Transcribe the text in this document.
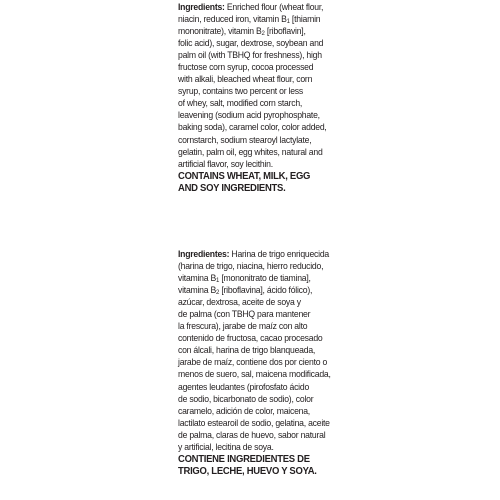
Ingredients: Enriched flour (wheat flour,
niacin, reduced iron, vitamin $B_1$ [thiamin
mononitrate), vitamin $B_2$ [riboflavin],
folic acid), sugar, dextrose, soybean and
palm oil (with TBHQ for freshness), high
fructose corn syrup, cocoa processed
with alkali, bleached wheat flour, corn
syrup, contains two percent or less
of whey, salt, modified corn starch,
leavening (sodium acid pyrophosphate,
baking soda), caramel color, color added,
cornstarch, sodium stearoyl lactylate,
gelatin, palm oil, egg whites, natural and
artificial flavor, soy lecithin.

CONTAINS WHEAT, MILK, EGG
AND SOY INGREDIENTS.

Ingredientes: Harina de trigo enriquecida
(harina de trigo, niacina, hierro reducido,
vitamina $B_1$ [mononitrato de tiamina],
vitamina $B_2$ [riboflavina], ácido fólico),
azúcar, dextrosa, aceite de soya y
de palma (con TBHQ para mantener
la frescura), jarabe de maíz con alto
contenido de fructosa, cacao procesado
con álcali, harina de trigo blanqueada,
jarabe de maíz, contiene dos por ciento o
menos de suero, sal, maicena modificada,
agentes leudantes (pirofosfato ácido
de sodio, bicarbonato de sodio), color
caramelo, adición de color, maicena,
lactilato estearoil de sodio, gelatina, aceite
de palma, claras de huevo, sabor natural
y artificial, lecitina de soya.

CONTIENE INGREDIENTES DE
TRIGO, LECHE, HUEVO Y SOYA.
